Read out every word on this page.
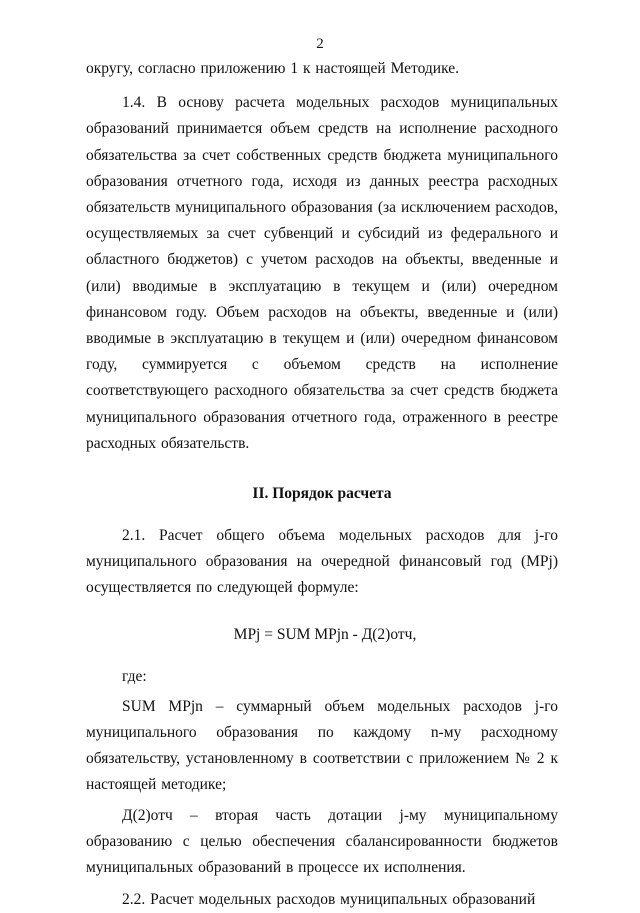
2

округу, согласно приложению 1 к настоящей Методике.

1.4. В основу расчета модельных расходов муниципальных образований принимается объем средств на исполнение расходного обязательства за счет собственных средств бюджета муниципального образования отчетного года, исходя из данных реестра расходных обязательств муниципального образования (за исключением расходов, осуществляемых за счет субвенций и субсидий из федерального и областного бюджетов) с учетом расходов на объекты, введенные и (или) вводимые в эксплуатацию в текущем и (или) очередном финансовом году. Объем расходов на объекты, введенные и (или) вводимые в эксплуатацию в текущем и (или) очередном финансовом году, суммируется с объемом средств на исполнение соответствующего расходного обязательства за счет средств бюджета муниципального образования отчетного года, отраженного в реестре расходных обязательств.

II. Порядок расчета

2.1. Расчет общего объема модельных расходов для j-го муниципального образования на очередной финансовый год (MPj) осуществляется по следующей формуле:

MPj = SUM MPjn - Д(2)отч,

где:

SUM MPjn – суммарный объем модельных расходов j-го муниципального образования по каждому n-му расходному обязательству, установленному в соответствии с приложением № 2 к настоящей методике;

Д(2)отч – вторая часть дотации j-му муниципальному образованию с целью обеспечения сбалансированности бюджетов муниципальных образований в процессе их исполнения.

2.2. Расчет модельных расходов муниципальных образований
